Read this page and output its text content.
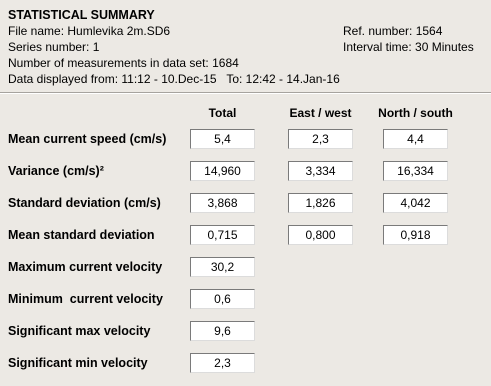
STATISTICAL SUMMARY
File name: Humlevika 2m.SD6	Ref. number: 1564
Series number: 1	Interval time: 30 Minutes
Number of measurements in data set: 1684
Data displayed from: 11:12 - 10.Dec-15   To: 12:42 - 14.Jan-16
Total	East / west	North / south
Mean current speed (cm/s)	5,4	2,3	4,4
Variance (cm/s)²	14,960	3,334	16,334
Standard deviation (cm/s)	3,868	1,826	4,042
Mean standard deviation	0,715	0,800	0,918
Maximum current velocity	30,2
Minimum  current velocity	0,6
Significant max velocity	9,6
Significant min velocity	2,3
